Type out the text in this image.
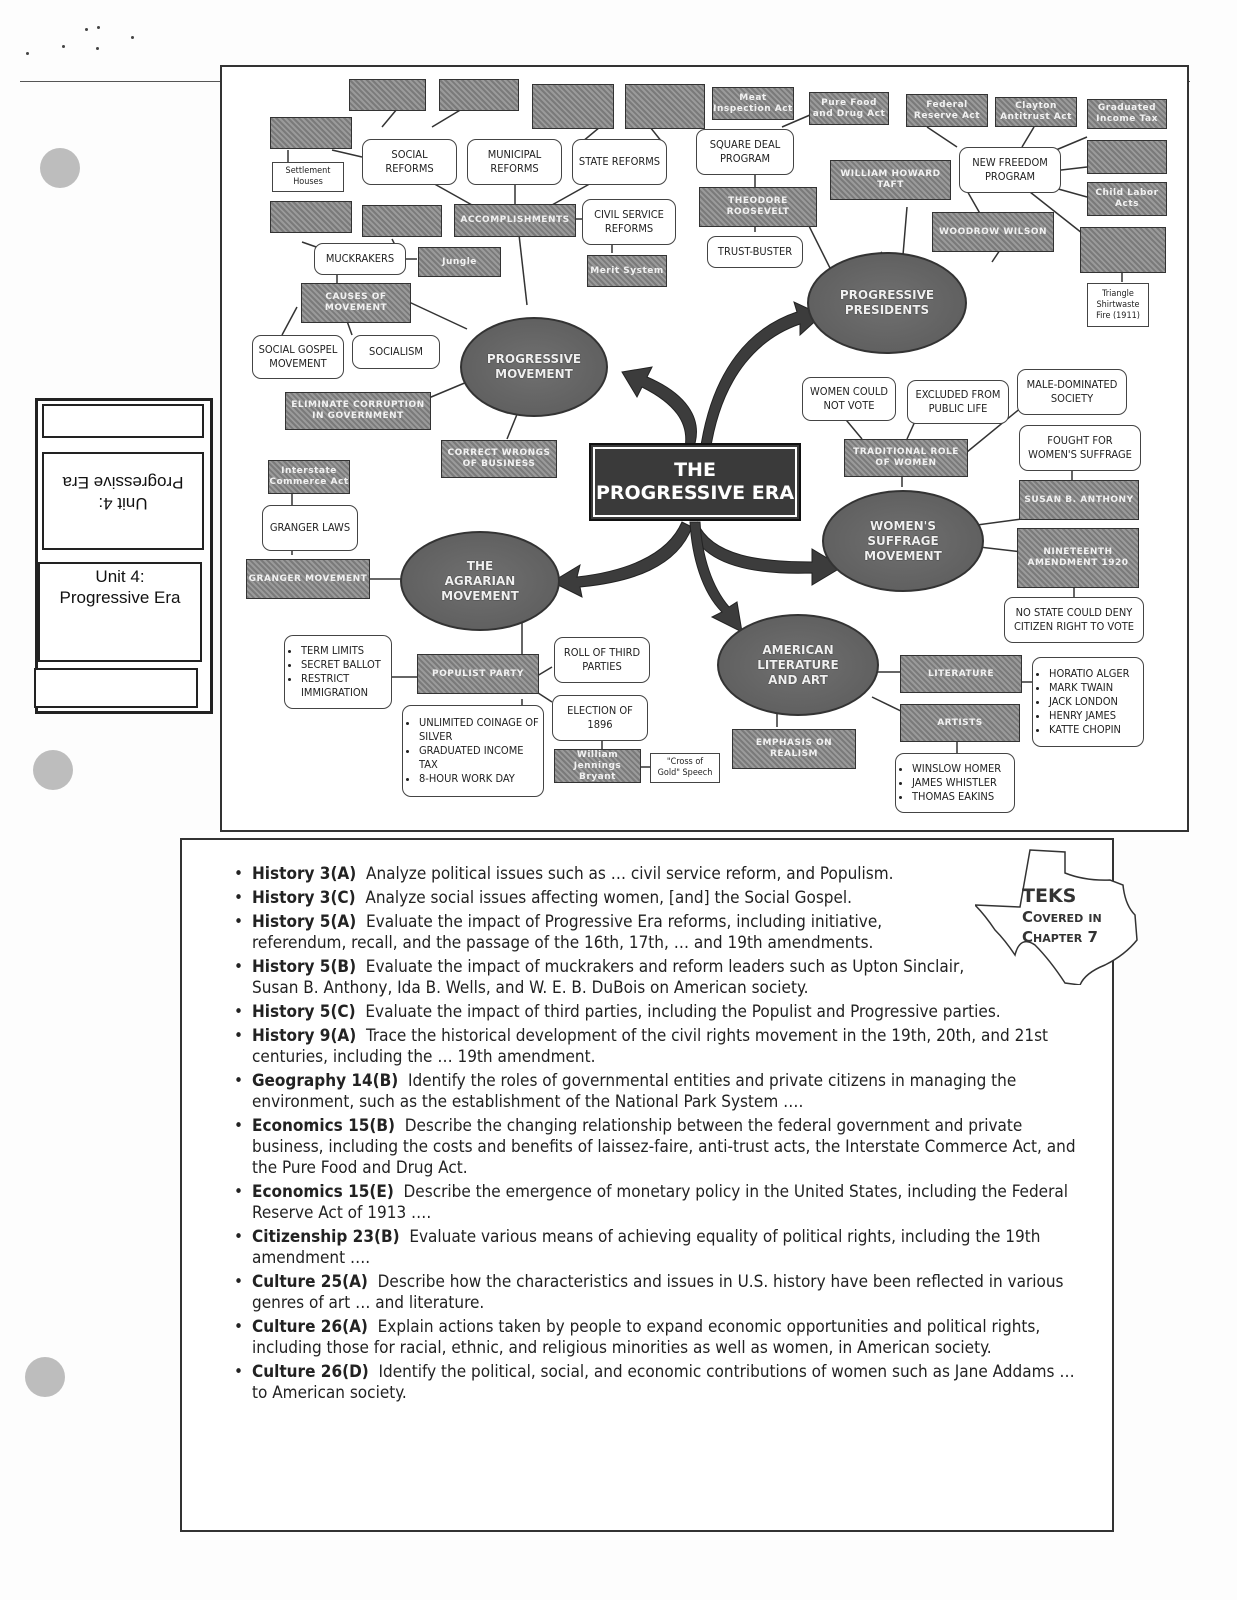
Unit 4:
Progressive Era
Unit 4:
Progressive Era
Settlement Houses
SOCIAL REFORMS
MUNICIPAL REFORMS
STATE REFORMS
ACCOMPLISHMENTS	CIVIL SERVICE REFORMS
Merit System
MUCKRAKERS	Jungle
CAUSES OF MOVEMENT
SOCIAL GOSPEL MOVEMENT
SOCIALISM
PROGRESSIVE MOVEMENT
ELIMINATE CORRUPTION IN GOVERNMENT
CORRECT WRONGS OF BUSINESS
Meat Inspection Act
Pure Food and Drug Act
SQUARE DEAL PROGRAM
THEODORE ROOSEVELT
TRUST-BUSTER
WILLIAM HOWARD TAFT
Federal Reserve Act
Clayton Antitrust Act
Graduated Income Tax
NEW FREEDOM PROGRAM
Child Labor Acts
WOODROW WILSON
Triangle Shirtwaste Fire (1911)
PROGRESSIVE PRESIDENTS
WOMEN COULD NOT VOTE
EXCLUDED FROM PUBLIC LIFE
MALE-DOMINATED SOCIETY
TRADITIONAL ROLE OF WOMEN
FOUGHT FOR WOMEN'S SUFFRAGE
SUSAN B. ANTHONY
NINETEENTH AMENDMENT 1920
NO STATE COULD DENY CITIZEN RIGHT TO VOTE
WOMEN'S SUFFRAGE MOVEMENT
Interstate Commerce Act
GRANGER LAWS
GRANGER MOVEMENT
THE AGRARIAN MOVEMENT
• TERM LIMITS
• SECRET BALLOT
• RESTRICT IMMIGRATION
POPULIST PARTY
ROLL OF THIRD PARTIES
ELECTION OF 1896
• UNLIMITED COINAGE OF SILVER
• GRADUATED INCOME TAX
• 8-HOUR WORK DAY
William Jennings Bryant
"Cross of Gold" Speech
AMERICAN LITERATURE AND ART	LITERATURE
ARTISTS
EMPHASIS ON REALISM
• HORATIO ALGER
• MARK TWAIN
• JACK LONDON
• HENRY JAMES
• KATTE CHOPIN
• WINSLOW HOMER
• JAMES WHISTLER
• THOMAS EAKINS
THE
PROGRESSIVE ERA
• History 3(A) Analyze political issues such as … civil service reform, and Populism.
• History 3(C) Analyze social issues affecting women, [and] the Social Gospel.
• History 5(A) Evaluate the impact of Progressive Era reforms, including initiative, referendum, recall, and the passage of the 16th, 17th, … and 19th amendments.
• History 5(B) Evaluate the impact of muckrakers and reform leaders such as Upton Sinclair, Susan B. Anthony, Ida B. Wells, and W. E. B. DuBois on American society.
• History 5(C) Evaluate the impact of third parties, including the Populist and Progressive parties.
• History 9(A) Trace the historical development of the civil rights movement in the 19th, 20th, and 21st centuries, including the … 19th amendment.
• Geography 14(B) Identify the roles of governmental entities and private citizens in managing the environment, such as the establishment of the National Park System ….
• Economics 15(B) Describe the changing relationship between the federal government and private business, including the costs and benefits of laissez-faire, anti-trust acts, the Interstate Commerce Act, and the Pure Food and Drug Act.
• Economics 15(E) Describe the emergence of monetary policy in the United States, including the Federal Reserve Act of 1913 ….
• Citizenship 23(B) Evaluate various means of achieving equality of political rights, including the 19th amendment ….
• Culture 25(A) Describe how the characteristics and issues in U.S. history have been reflected in various genres of art … and literature.
• Culture 26(A) Explain actions taken by people to expand economic opportunities and political rights, including those for racial, ethnic, and religious minorities as well as women, in American society.
• Culture 26(D) Identify the political, social, and economic contributions of women such as Jane Addams … to American society.
TEKS
Covered in
Chapter 7
